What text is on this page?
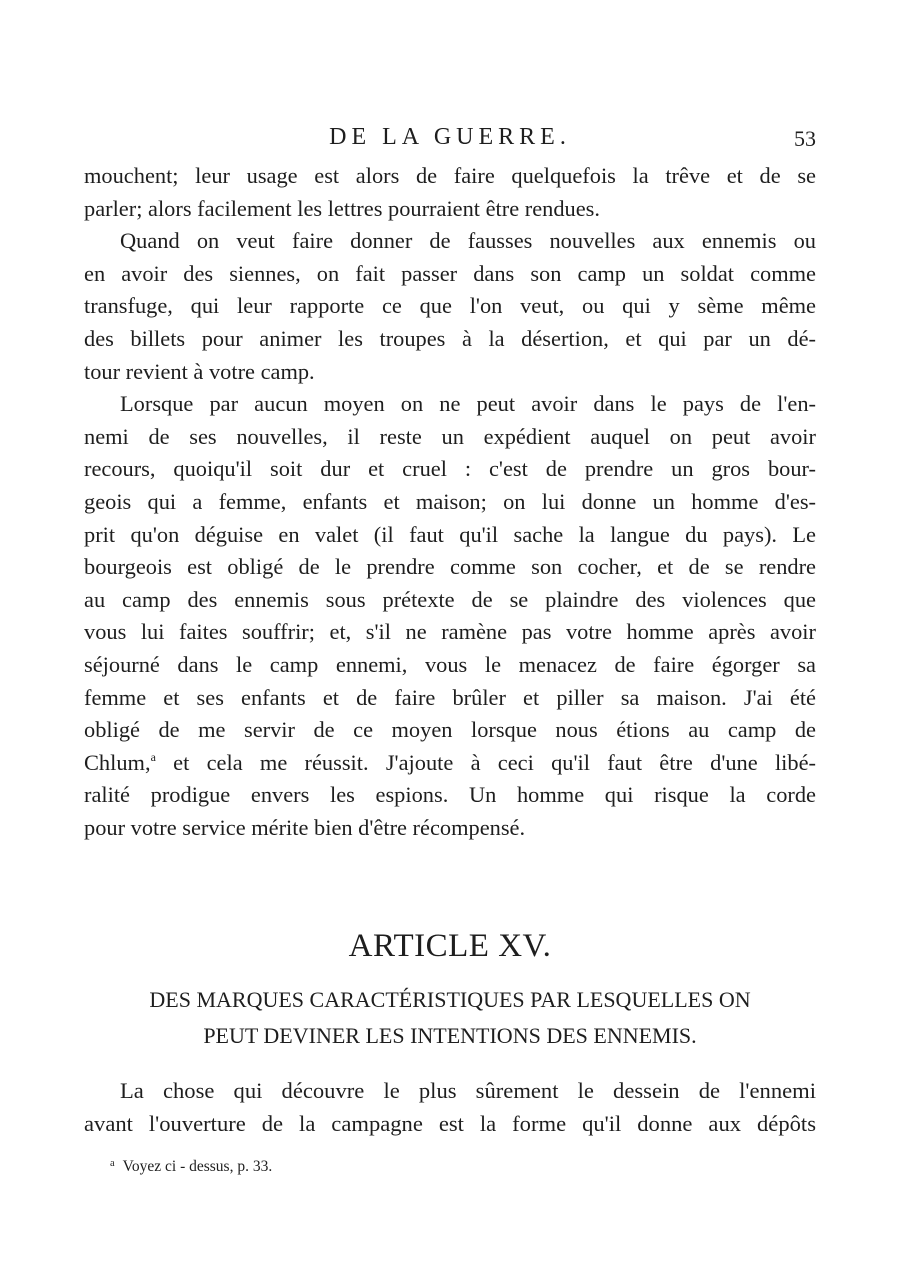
DE LA GUERRE.	53
mouchent; leur usage est alors de faire quelquefois la trêve et de se
parler; alors facilement les lettres pourraient être rendues.
Quand on veut faire donner de fausses nouvelles aux ennemis ou
en avoir des siennes, on fait passer dans son camp un soldat comme
transfuge, qui leur rapporte ce que l'on veut, ou qui y sème même
des billets pour animer les troupes à la désertion, et qui par un dé-
tour revient à votre camp.
Lorsque par aucun moyen on ne peut avoir dans le pays de l'en-
nemi de ses nouvelles, il reste un expédient auquel on peut avoir
recours, quoiqu'il soit dur et cruel : c'est de prendre un gros bour-
geois qui a femme, enfants et maison; on lui donne un homme d'es-
prit qu'on déguise en valet (il faut qu'il sache la langue du pays). Le
bourgeois est obligé de le prendre comme son cocher, et de se rendre
au camp des ennemis sous prétexte de se plaindre des violences que
vous lui faites souffrir; et, s'il ne ramène pas votre homme après avoir
séjourné dans le camp ennemi, vous le menacez de faire égorger sa
femme et ses enfants et de faire brûler et piller sa maison. J'ai été
obligé de me servir de ce moyen lorsque nous étions au camp de
Chlum,$^a$ et cela me réussit. J'ajoute à ceci qu'il faut être d'une libé-
ralité prodigue envers les espions. Un homme qui risque la corde
pour votre service mérite bien d'être récompensé.
ARTICLE XV.
DES MARQUES CARACTÉRISTIQUES PAR LESQUELLES ON
PEUT DEVINER LES INTENTIONS DES ENNEMIS.
La chose qui découvre le plus sûrement le dessein de l'ennemi
avant l'ouverture de la campagne est la forme qu'il donne aux dépôts
$^a$ Voyez ci - dessus, p. 33.
